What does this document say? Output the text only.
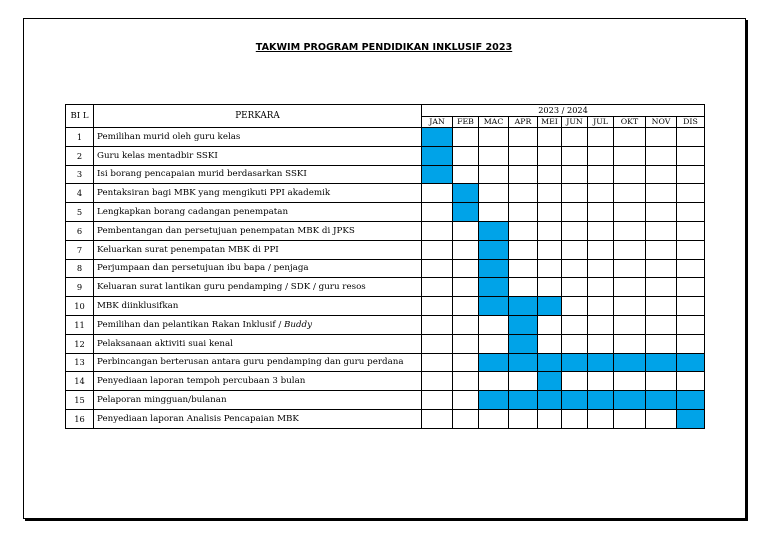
TAKWIM PROGRAM PENDIDIKAN INKLUSIF 2023
BI L	PERKARA	2023 / 2024									
		JAN	FEB	MAC	APR	MEI	JUN	JUL	OKT	NOV	DIS
1	Pemilihan murid oleh guru kelas										
2	Guru kelas mentadbir SSKI										
3	Isi borang pencapaian murid berdasarkan SSKI										
4	Pentaksiran bagi MBK yang mengikuti PPI akademik										
5	Lengkapkan borang cadangan penempatan										
6	Pembentangan dan persetujuan penempatan MBK di JPKS										
7	Keluarkan surat penempatan MBK di PPI										
8	Perjumpaan dan persetujuan ibu bapa / penjaga										
9	Keluaran surat lantikan guru pendamping / SDK / guru resos										
10	MBK diinklusifkan										
11	Pemilihan dan pelantikan Rakan Inklusif / Buddy										
12	Pelaksanaan aktiviti suai kenal										
13	Perbincangan berterusan antara guru pendamping dan guru perdana										
14	Penyediaan laporan tempoh percubaan 3 bulan										
15	Pelaporan mingguan/bulanan										
16	Penyediaan laporan Analisis Pencapaian MBK										
